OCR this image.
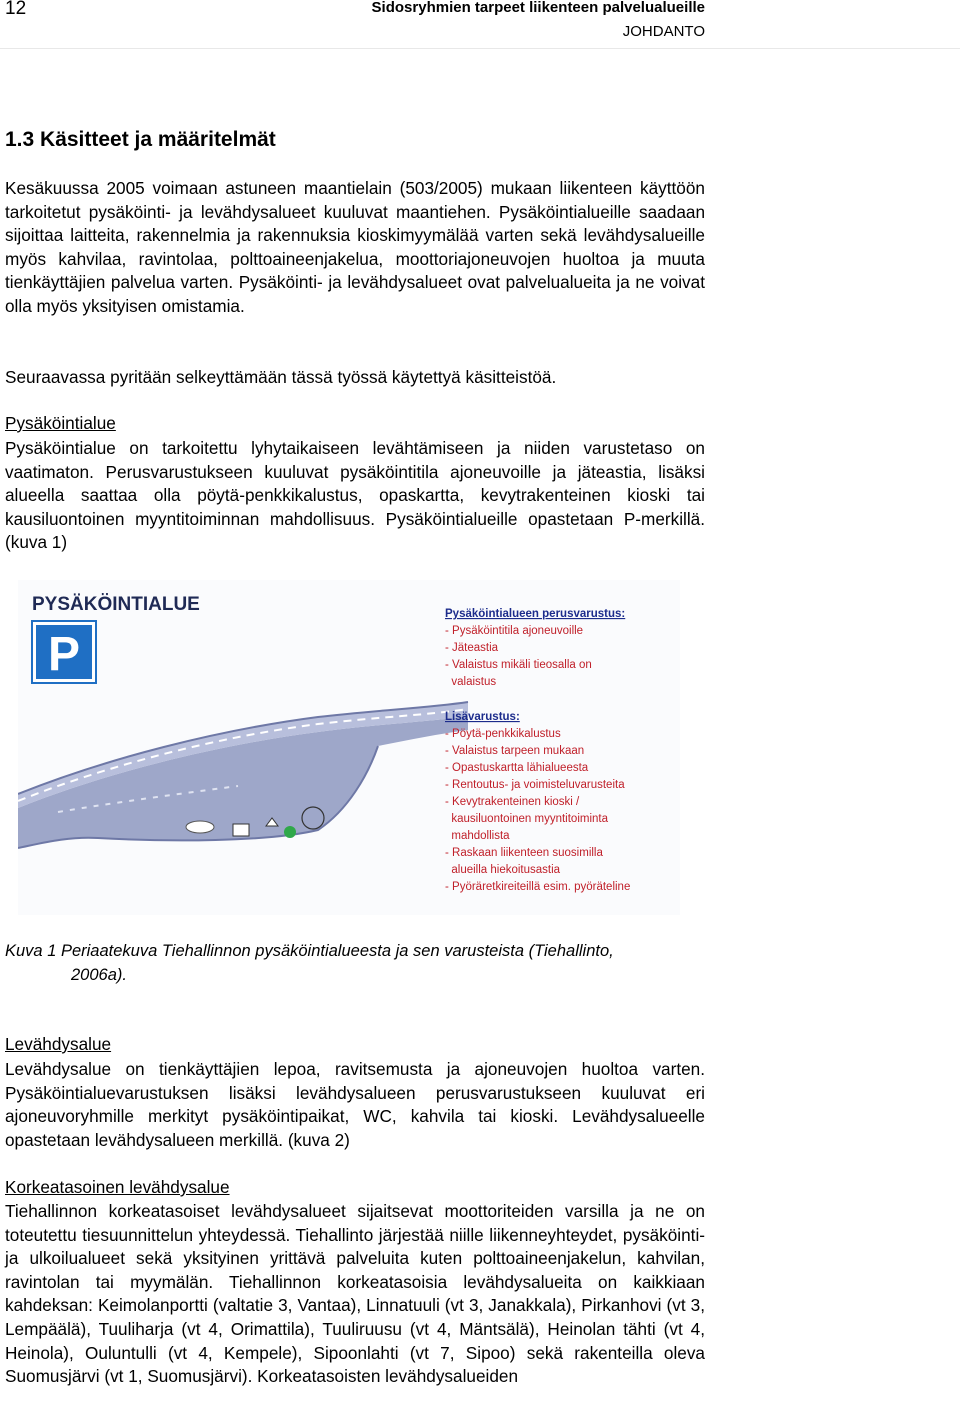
12	Sidosryhmien tarpeet liikenteen palvelualueille
JOHDANTO
1.3 Käsitteet ja määritelmät

Kesäkuussa 2005 voimaan astuneen maantielain (503/2005) mukaan liikenteen käyttöön tarkoitetut pysäköinti- ja levähdysalueet kuuluvat maantiehen. Pysäköintialueille saadaan sijoittaa laitteita, rakennelmia ja rakennuksia kioskimyymälää varten sekä levähdysalueille myös kahvilaa, ravintolaa, polttoaineenjakelua, moottoriajoneuvojen huoltoa ja muuta tienkäyttäjien palvelua varten. Pysäköinti- ja levähdysalueet ovat palvelualueita ja ne voivat olla myös yksityisen omistamia.

Seuraavassa pyritään selkeyttämään tässä työssä käytettyä käsitteistöä.

Pysäköintialue

Pysäköintialue on tarkoitettu lyhytaikaiseen levähtämiseen ja niiden varustetaso on vaatimaton. Perusvarustukseen kuuluvat pysäköintitila ajoneuvoille ja jäteastia, lisäksi alueella saattaa olla pöytä-penkkikalustus, opaskartta, kevytrakenteinen kioski tai kausiluontoinen myyntitoiminnan mahdollisuus. Pysäköintialueille opastetaan P-merkillä. (kuva 1)

PYSÄKÖINTIALUE
P
Pysäköintialueen perusvarustus:
- Pysäköintitila ajoneuvoille
- Jäteastia
- Valaistus mikäli tieosalla on
valaistus
Lisävarustus:
- Pöytä-penkkikalustus
- Valaistus tarpeen mukaan
- Opastuskartta lähialueesta
- Rentoutus- ja voimisteluvarusteita
- Kevytrakenteinen kioski /
kausiluontoinen myyntitoiminta
mahdollista
- Raskaan liikenteen suosimilla
alueilla hiekoitusastia
- Pyöräretkireiteillä esim. pyöräteline

Kuva 1 Periaatekuva Tiehallinnon pysäköintialueesta ja sen varusteista (Tiehallinto,
2006a).

Levähdysalue

Levähdysalue on tienkäyttäjien lepoa, ravitsemusta ja ajoneuvojen huoltoa varten. Pysäköintialuevarustuksen lisäksi levähdysalueen perusvarustukseen kuuluvat eri ajoneuvoryhmille merkityt pysäköintipaikat, WC, kahvila tai kioski. Levähdysalueelle opastetaan levähdysalueen merkillä. (kuva 2)

Korkeatasoinen levähdysalue

Tiehallinnon korkeatasoiset levähdysalueet sijaitsevat moottoriteiden varsilla ja ne on toteutettu tiesuunnittelun yhteydessä. Tiehallinto järjestää niille liikenneyhteydet, pysäköinti- ja ulkoilualueet sekä yksityinen yrittävä palveluita kuten polttoaineenjakelun, kahvilan, ravintolan tai myymälän. Tiehallinnon korkeatasoisia levähdysalueita on kaikkiaan kahdeksan: Keimolanportti (valtatie 3, Vantaa), Linnatuuli (vt 3, Janakkala), Pirkanhovi (vt 3, Lempäälä), Tuuliharja (vt 4, Orimattila), Tuuliruusu (vt 4, Mäntsälä), Heinolan tähti (vt 4, Heinola), Ouluntulli (vt 4, Kempele), Sipoonlahti (vt 7, Sipoo) sekä rakenteilla oleva Suomusjärvi (vt 1, Suomusjärvi). Korkeatasoisten levähdysalueiden
